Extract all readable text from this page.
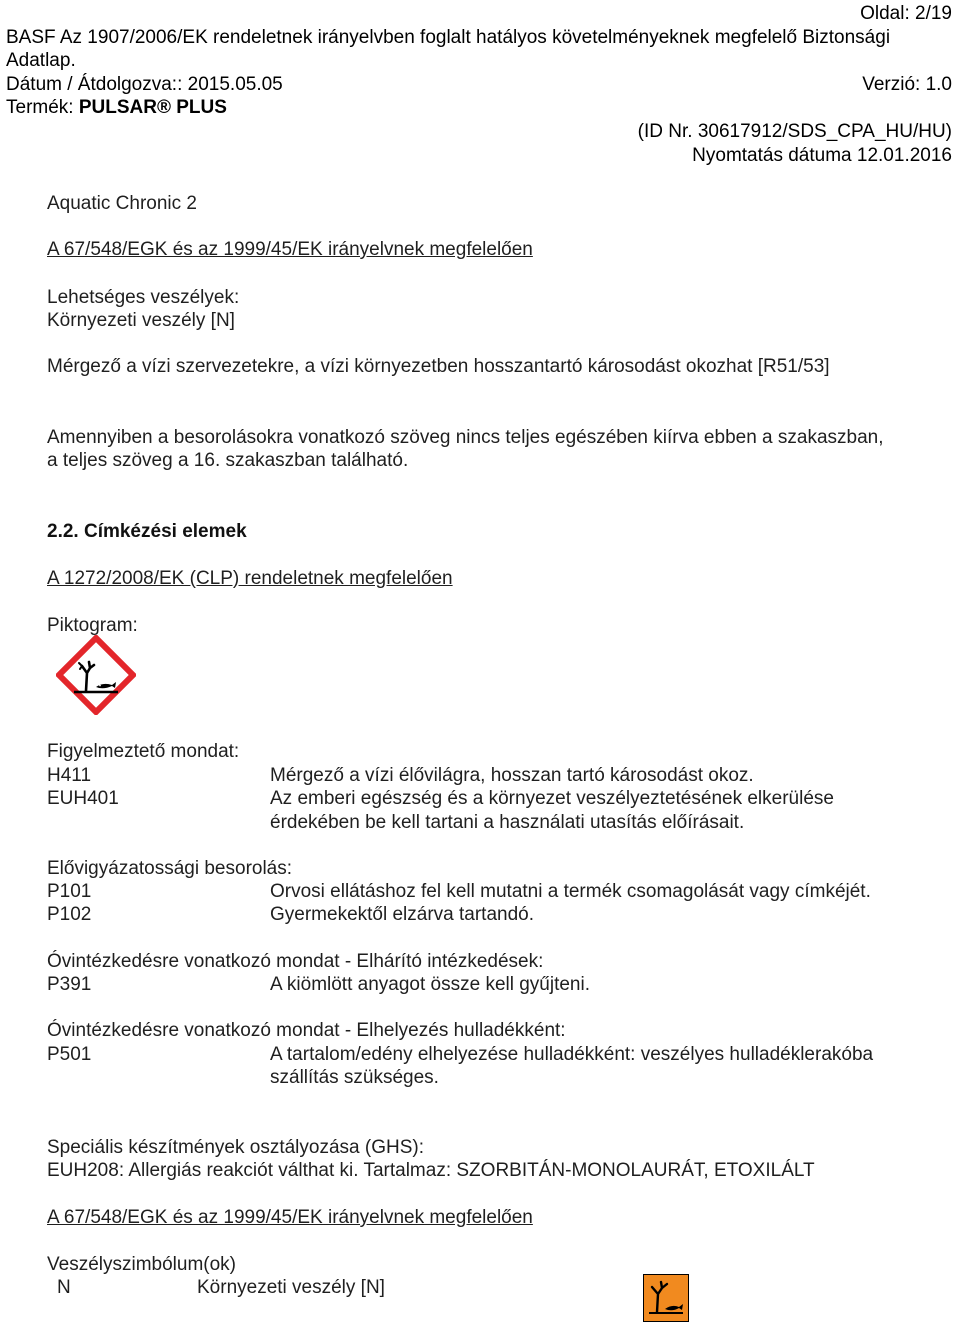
Oldal: 2/19
BASF Az 1907/2006/EK rendeletnek irányelvben foglalt hatályos követelményeknek megfelelő Biztonsági
Adatlap.
Dátum / Átdolgozva:: 2015.05.05	Verzió: 1.0
Termék: PULSAR® PLUS
(ID Nr. 30617912/SDS_CPA_HU/HU)
Nyomtatás dátuma 12.01.2016
Aquatic Chronic 2
A 67/548/EGK és az 1999/45/EK irányelvnek megfelelően
Lehetséges veszélyek:
Környezeti veszély [N]
Mérgező a vízi szervezetekre, a vízi környezetben hosszantartó károsodást okozhat [R51/53]
Amennyiben a besorolásokra vonatkozó szöveg nincs teljes egészében kiírva ebben a szakaszban,
a teljes szöveg a 16. szakaszban található.
2.2. Címkézési elemek
A 1272/2008/EK (CLP) rendeletnek megfelelően
Piktogram:
Figyelmeztető mondat:
H411	Mérgező a vízi élővilágra, hosszan tartó károsodást okoz.
EUH401	Az emberi egészség és a környezet veszélyeztetésének elkerülése
érdekében be kell tartani a használati utasítás előírásait.
Elővigyázatossági besorolás:
P101	Orvosi ellátáshoz fel kell mutatni a termék csomagolását vagy címkéjét.
P102	Gyermekektől elzárva tartandó.
Óvintézkedésre vonatkozó mondat - Elhárító intézkedések:
P391	A kiömlött anyagot össze kell gyűjteni.
Óvintézkedésre vonatkozó mondat - Elhelyezés hulladékként:
P501	A tartalom/edény elhelyezése hulladékként: veszélyes hulladéklerakóba
szállítás szükséges.
Speciális készítmények osztályozása (GHS):
EUH208: Allergiás reakciót válthat ki. Tartalmaz: SZORBITÁN-MONOLAURÁT, ETOXILÁLT
A 67/548/EGK és az 1999/45/EK irányelvnek megfelelően
Veszélyszimbólum(ok)
N	Környezeti veszély [N]
